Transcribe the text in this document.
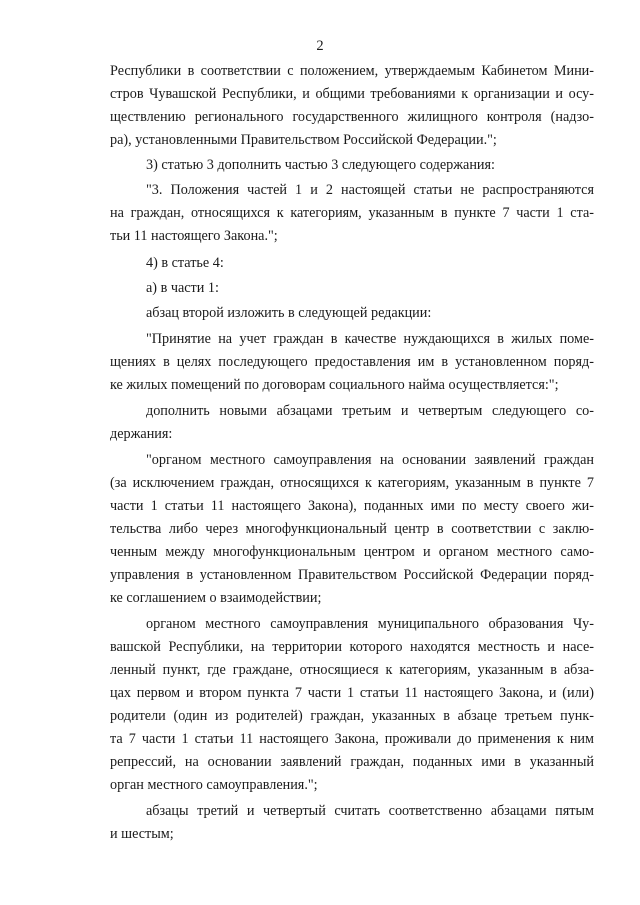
2

Республики в соответствии с положением, утверждаемым Кабинетом Мини-
стров Чувашской Республики, и общими требованиями к организации и осу-
ществлению регионального государственного жилищного контроля (надзо-
ра), установленными Правительством Российской Федерации.";

3) статью 3 дополнить частью 3 следующего содержания:

"3. Положения частей 1 и 2 настоящей статьи не распространяются
на граждан, относящихся к категориям, указанным в пункте 7 части 1 ста-
тьи 11 настоящего Закона.";

4) в статье 4:

а) в части 1:

абзац второй изложить в следующей редакции:

"Принятие на учет граждан в качестве нуждающихся в жилых поме-
щениях в целях последующего предоставления им в установленном поряд-
ке жилых помещений по договорам социального найма осуществляется:";

дополнить новыми абзацами третьим и четвертым следующего со-
держания:

"органом местного самоуправления на основании заявлений граждан
(за исключением граждан, относящихся к категориям, указанным в пункте 7
части 1 статьи 11 настоящего Закона), поданных ими по месту своего жи-
тельства либо через многофункциональный центр в соответствии с заклю-
ченным между многофункциональным центром и органом местного само-
управления в установленном Правительством Российской Федерации поряд-
ке соглашением о взаимодействии;

органом местного самоуправления муниципального образования Чу-
вашской Республики, на территории которого находятся местность и насе-
ленный пункт, где граждане, относящиеся к категориям, указанным в абза-
цах первом и втором пункта 7 части 1 статьи 11 настоящего Закона, и (или)
родители (один из родителей) граждан, указанных в абзаце третьем пунк-
та 7 части 1 статьи 11 настоящего Закона, проживали до применения к ним
репрессий, на основании заявлений граждан, поданных ими в указанный
орган местного самоуправления.";

абзацы третий и четвертый считать соответственно абзацами пятым
и шестым;
